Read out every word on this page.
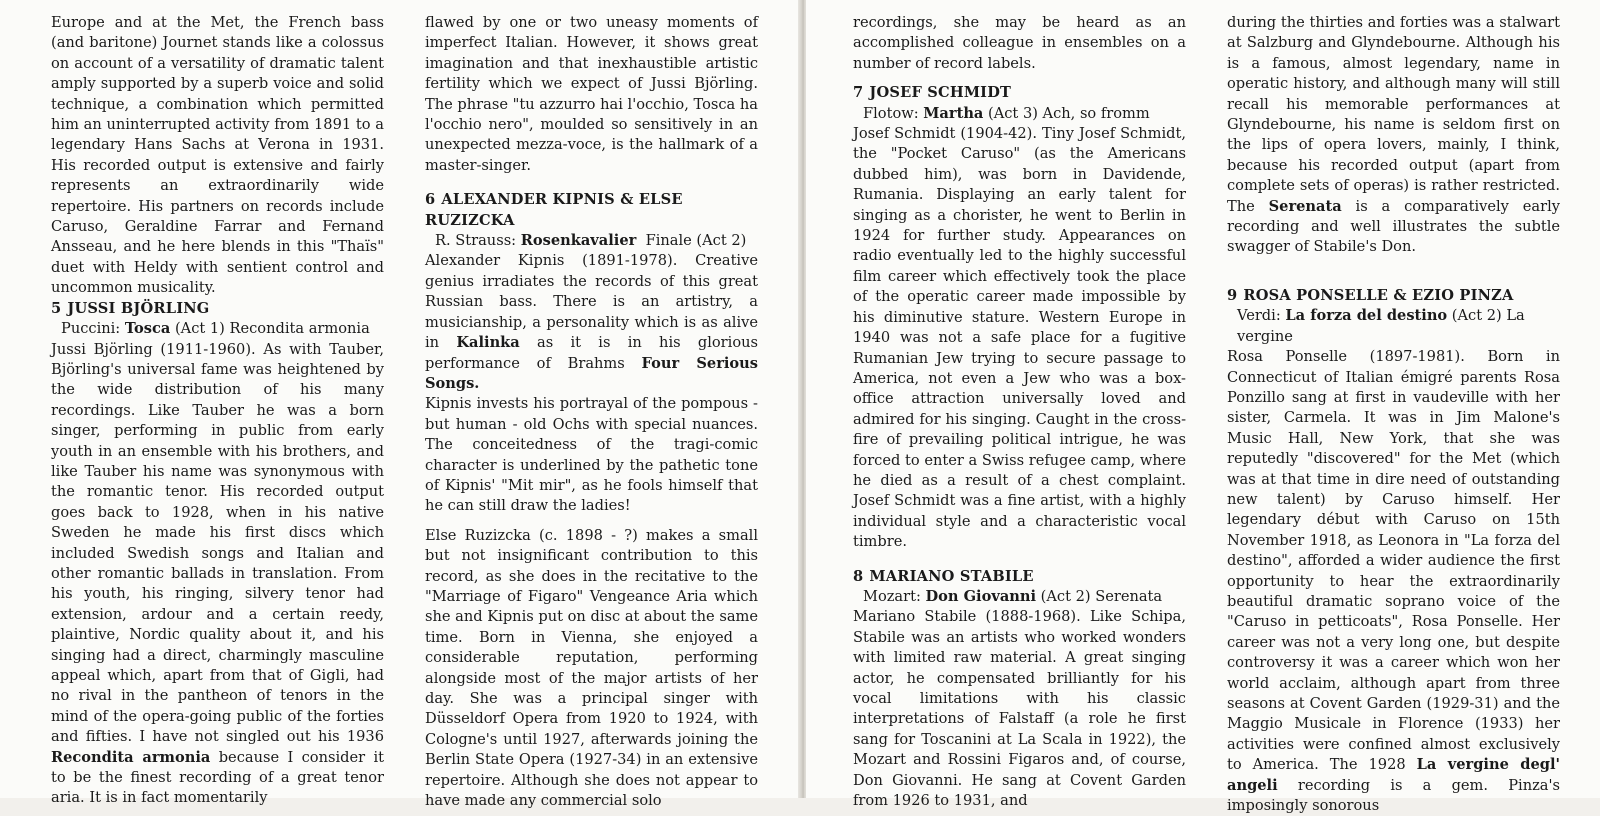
Europe and at the Met, the French bass (and baritone) Journet stands like a colossus on account of a versatility of dramatic talent amply supported by a superb voice and solid technique, a combination which permitted him an uninterrupted activity from 1891 to a legendary Hans Sachs at Verona in 1931. His recorded output is extensive and fairly represents an extraordinarily wide repertoire. His partners on records include Caruso, Geraldine Farrar and Fernand Ansseau, and he here blends in this "Thaïs" duet with Heldy with sentient control and uncommon musicality.

5 JUSSI BJÖRLING
Puccini: Tosca (Act 1) Recondita armonia

Jussi Björling (1911-1960). As with Tauber, Björling's universal fame was heightened by the wide distribution of his many recordings. Like Tauber he was a born singer, performing in public from early youth in an ensemble with his brothers, and like Tauber his name was synonymous with the romantic tenor. His recorded output goes back to 1928, when in his native Sweden he made his first discs which included Swedish songs and Italian and other romantic ballads in translation. From his youth, his ringing, silvery tenor had extension, ardour and a certain reedy, plaintive, Nordic quality about it, and his singing had a direct, charmingly masculine appeal which, apart from that of Gigli, had no rival in the pantheon of tenors in the mind of the opera-going public of the forties and fifties. I have not singled out his 1936 Recondita armonia because I consider it to be the finest recording of a great tenor aria. It is in fact momentarily

flawed by one or two uneasy moments of imperfect Italian. However, it shows great imagination and that inexhaustible artistic fertility which we expect of Jussi Björling. The phrase "tu azzurro hai l'occhio, Tosca ha l'occhio nero", moulded so sensitively in an unexpected mezza-voce, is the hallmark of a master-singer.

6 ALEXANDER KIPNIS & ELSE RUZIZCKA
R. Strauss: Rosenkavalier  Finale (Act 2)

Alexander Kipnis (1891-1978). Creative genius irradiates the records of this great Russian bass. There is an artistry, a musicianship, a personality which is as alive in Kalinka as it is in his glorious performance of Brahms Four Serious Songs.

Kipnis invests his portrayal of the pompous - but human - old Ochs with special nuances. The conceitedness of the tragi-comic character is underlined by the pathetic tone of Kipnis' "Mit mir", as he fools himself that he can still draw the ladies!

Else Ruzizcka (c. 1898 - ?) makes a small but not insignificant contribution to this record, as she does in the recitative to the "Marriage of Figaro" Vengeance Aria which she and Kipnis put on disc at about the same time. Born in Vienna, she enjoyed a considerable reputation, performing alongside most of the major artists of her day. She was a principal singer with Düsseldorf Opera from 1920 to 1924, with Cologne's until 1927, afterwards joining the Berlin State Opera (1927-34) in an extensive repertoire. Although she does not appear to have made any commercial solo

recordings, she may be heard as an accomplished colleague in ensembles on a number of record labels.

7 JOSEF SCHMIDT
Flotow: Martha (Act 3) Ach, so fromm

Josef Schmidt (1904-42). Tiny Josef Schmidt, the "Pocket Caruso" (as the Americans dubbed him), was born in Davidende, Rumania. Displaying an early talent for singing as a chorister, he went to Berlin in 1924 for further study. Appearances on radio eventually led to the highly successful film career which effectively took the place of the operatic career made impossible by his diminutive stature. Western Europe in 1940 was not a safe place for a fugitive Rumanian Jew trying to secure passage to America, not even a Jew who was a box-office attraction universally loved and admired for his singing. Caught in the cross-fire of prevailing political intrigue, he was forced to enter a Swiss refugee camp, where he died as a result of a chest complaint. Josef Schmidt was a fine artist, with a highly individual style and a characteristic vocal timbre.

8 MARIANO STABILE
Mozart: Don Giovanni (Act 2) Serenata

Mariano Stabile (1888-1968). Like Schipa, Stabile was an artists who worked wonders with limited raw material. A great singing actor, he compensated brilliantly for his vocal limitations with his classic interpretations of Falstaff (a role he first sang for Toscanini at La Scala in 1922), the Mozart and Rossini Figaros and, of course, Don Giovanni. He sang at Covent Garden from 1926 to 1931, and

during the thirties and forties was a stalwart at Salzburg and Glyndebourne. Although his is a famous, almost legendary, name in operatic history, and although many will still recall his memorable performances at Glyndebourne, his name is seldom first on the lips of opera lovers, mainly, I think, because his recorded output (apart from complete sets of operas) is rather restricted. The Serenata is a comparatively early recording and well illustrates the subtle swagger of Stabile's Don.

9 ROSA PONSELLE & EZIO PINZA
Verdi: La forza del destino (Act 2) La vergine

Rosa Ponselle (1897-1981). Born in Connecticut of Italian émigré parents Rosa Ponzillo sang at first in vaudeville with her sister, Carmela. It was in Jim Malone's Music Hall, New York, that she was reputedly "discovered" for the Met (which was at that time in dire need of outstanding new talent) by Caruso himself. Her legendary début with Caruso on 15th November 1918, as Leonora in "La forza del destino", afforded a wider audience the first opportunity to hear the extraordinarily beautiful dramatic soprano voice of the "Caruso in petticoats", Rosa Ponselle. Her career was not a very long one, but despite controversy it was a career which won her world acclaim, although apart from three seasons at Covent Garden (1929-31) and the Maggio Musicale in Florence (1933) her activities were confined almost exclusively to America. The 1928 La vergine degl' angeli recording is a gem. Pinza's imposingly sonorous
